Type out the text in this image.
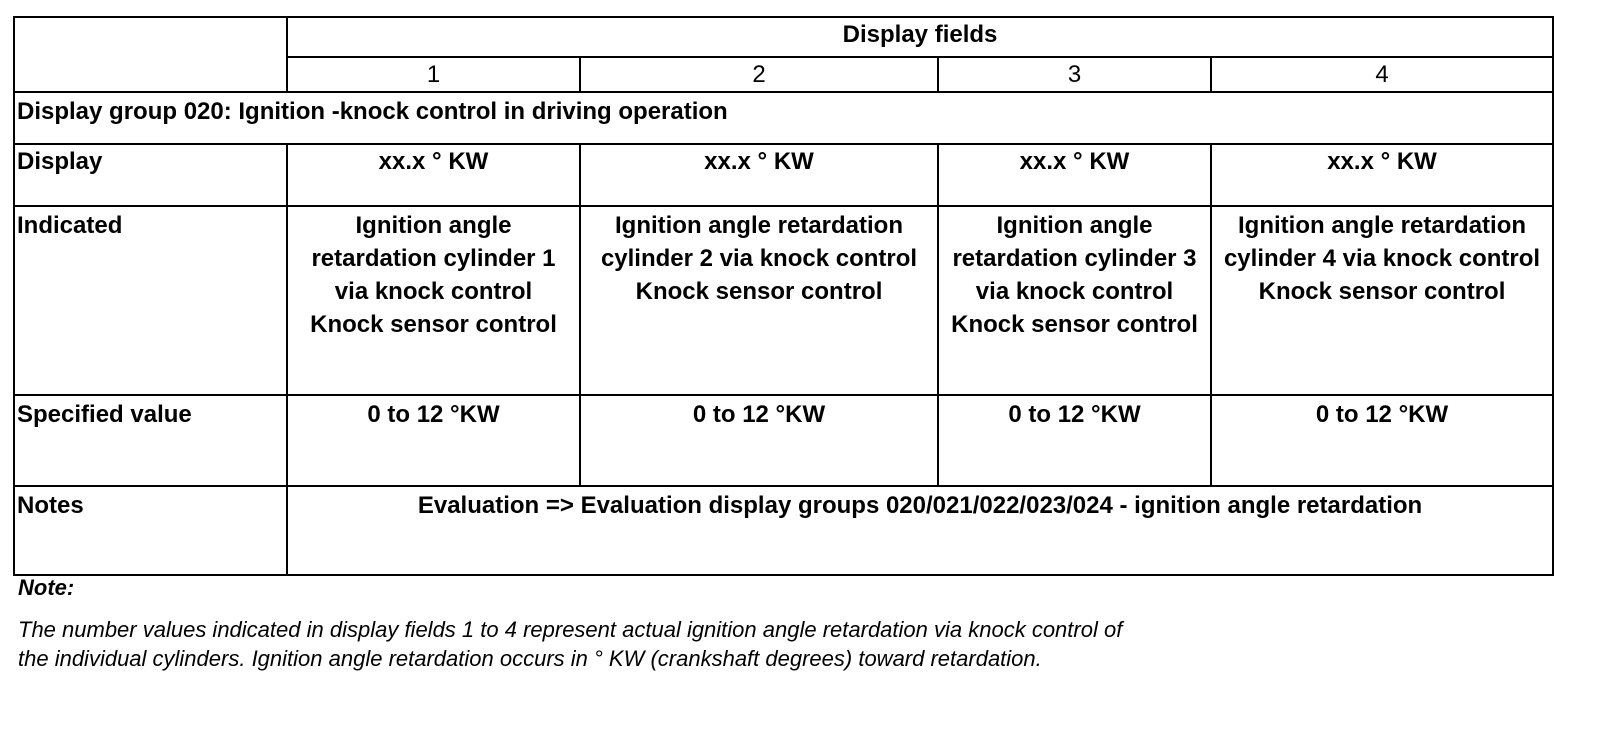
	Display fields			
	1	2	3	4
Display group 020: Ignition -knock control in driving operation				
Display	xx.x ° KW	xx.x ° KW	xx.x ° KW	xx.x ° KW
Indicated	Ignition angle retardation cylinder 1 via knock control Knock sensor control	Ignition angle retardation cylinder 2 via knock control Knock sensor control	Ignition angle retardation cylinder 3 via knock control Knock sensor control	Ignition angle retardation cylinder 4 via knock control Knock sensor control
Specified value	0 to 12 °KW	0 to 12 °KW	0 to 12 °KW	0 to 12 °KW
Notes	Evaluation => Evaluation display groups 020/021/022/023/024 - ignition angle retardation			

Note:

The number values indicated in display fields 1 to 4 represent actual ignition angle retardation via knock control of the individual cylinders. Ignition angle retardation occurs in ° KW (crankshaft degrees) toward retardation.
